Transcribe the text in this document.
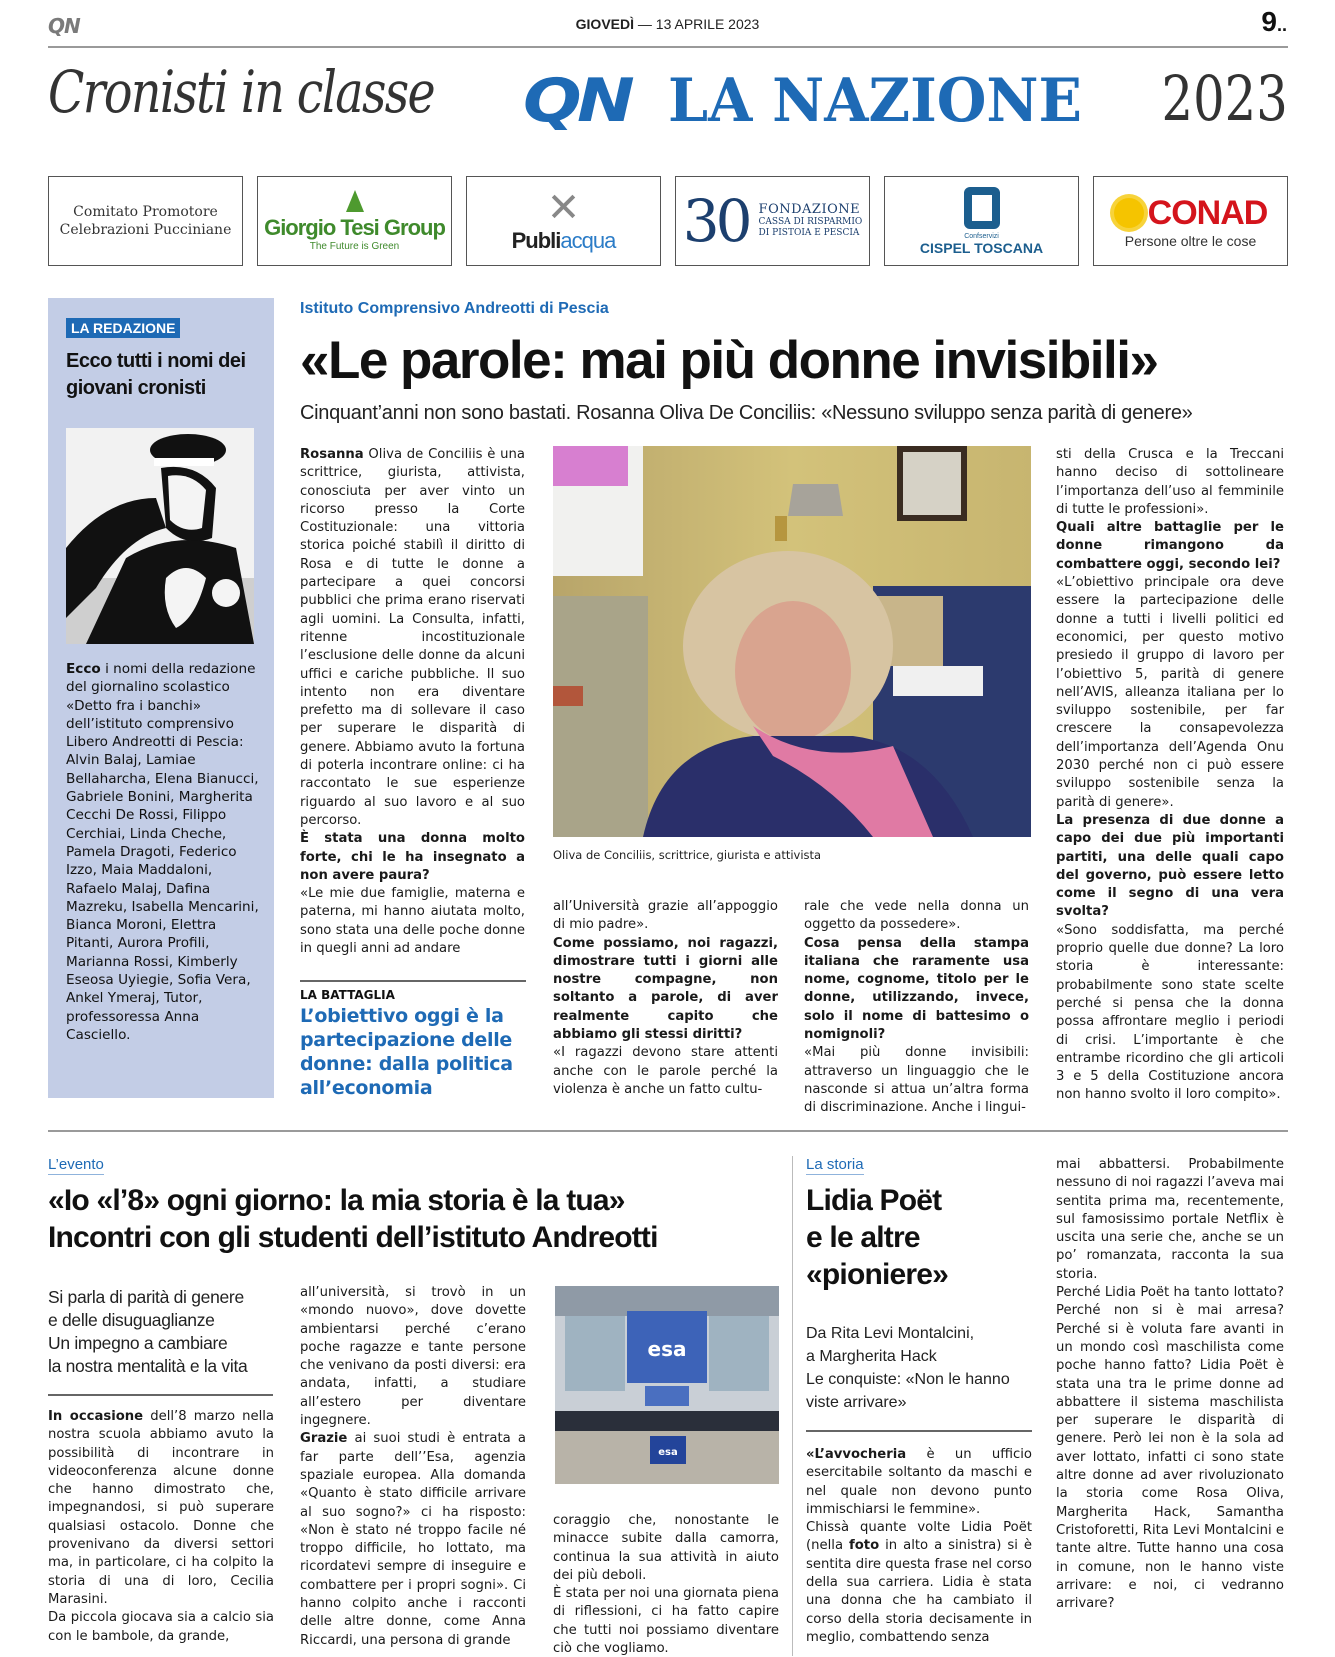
QN	GIOVEDÌ — 13 APRILE 2023	9..
Cronisti in classe QN LA NAZIONE 2023
Comitato Promotore
Celebrazioni Pucciniane Giorgio Tesi Group
The Future is Green
✕
Publiacqua 30 FONDAZIONE
CASSA DI RISPARMIO
DI PISTOIA E PESCIA	Confservizi
CISPEL TOSCANA
CONAD
Persone oltre le cose
LA REDAZIONE
Ecco tutti i nomi dei giovani cronisti
Ecco i nomi della redazione del giornalino scolastico «Detto fra i banchi» dell’istituto comprensivo Libero Andreotti di Pescia: Alvin Balaj, Lamiae Bellaharcha, Elena Bianucci, Gabriele Bonini, Margherita Cecchi De Rossi, Filippo Cerchiai, Linda Cheche, Pamela Dragoti, Federico Izzo, Maia Maddaloni, Rafaelo Malaj, Dafina Mazreku, Isabella Mencarini, Bianca Moroni, Elettra Pitanti, Aurora Profili, Marianna Rossi, Kimberly Eseosa Uyiegie, Sofia Vera, Ankel Ymeraj, Tutor, professoressa Anna Casciello.
Istituto Comprensivo Andreotti di Pescia
«Le parole: mai più donne invisibili»
Cinquant’anni non sono bastati. Rosanna Oliva De Conciliis: «Nessuno sviluppo senza parità di genere»

Rosanna Oliva de Conciliis è una scrittrice, giurista, attivista, conosciuta per aver vinto un ricorso presso la Corte Costituzionale: una vittoria storica poiché stabilì il diritto di Rosa e di tutte le donne a partecipare a quei concorsi pubblici che prima erano riservati agli uomini. La Consulta, infatti, ritenne incostituzionale l’esclusione delle donne da alcuni uffici e cariche pubbliche. Il suo intento non era diventare prefetto ma di sollevare il caso per superare le disparità di genere. Abbiamo avuto la fortuna di poterla incontrare online: ci ha raccontato le sue esperienze riguardo al suo lavoro e al suo percorso.

È stata una donna molto forte, chi le ha insegnato a non avere paura?

«Le mie due famiglie, materna e paterna, mi hanno aiutata molto, sono stata una delle poche donne in quegli anni ad andare

LA BATTAGLIA
L’obiettivo oggi è la partecipazione delle donne: dalla politica all’economia
Oliva de Conciliis, scrittrice, giurista e attivista

all’Università grazie all’appoggio di mio padre».

Come possiamo, noi ragazzi, dimostrare tutti i giorni alle nostre compagne, non soltanto a parole, di aver realmente capito che abbiamo gli stessi diritti?

«I ragazzi devono stare attenti anche con le parole perché la violenza è anche un fatto cultu-

rale che vede nella donna un oggetto da possedere».

Cosa pensa della stampa italiana che raramente usa nome, cognome, titolo per le donne, utilizzando, invece, solo il nome di battesimo o nomignoli?

«Mai più donne invisibili: attraverso un linguaggio che le nasconde si attua un’altra forma di discriminazione. Anche i lingui-

sti della Crusca e la Treccani hanno deciso di sottolineare l’importanza dell’uso al femminile di tutte le professioni».

Quali altre battaglie per le donne rimangono da combattere oggi, secondo lei?

«L’obiettivo principale ora deve essere la partecipazione delle donne a tutti i livelli politici ed economici, per questo motivo presiedo il gruppo di lavoro per l’obiettivo 5, parità di genere nell’AVIS, alleanza italiana per lo sviluppo sostenibile, per far crescere la consapevolezza dell’importanza dell’Agenda Onu 2030 perché non ci può essere sviluppo sostenibile senza la parità di genere».

La presenza di due donne a capo dei due più importanti partiti, una delle quali capo del governo, può essere letto come il segno di una vera svolta?

«Sono soddisfatta, ma perché proprio quelle due donne? La loro storia è interessante: probabilmente sono state scelte perché si pensa che la donna possa affrontare meglio i periodi di crisi. L’importante è che entrambe ricordino che gli articoli 3 e 5 della Costituzione ancora non hanno svolto il loro compito».

L’evento
«Io «l’8» ogni giorno: la mia storia è la tua»
Incontri con gli studenti dell’istituto Andreotti
Si parla di parità di genere
e delle disuguaglianze
Un impegno a cambiare
la nostra mentalità e la vita

In occasione dell’8 marzo nella nostra scuola abbiamo avuto la possibilità di incontrare in videoconferenza alcune donne che hanno dimostrato che, impegnandosi, si può superare qualsiasi ostacolo. Donne che provenivano da diversi settori ma, in particolare, ci ha colpito la storia di una di loro, Cecilia Marasini.

Da piccola giocava sia a calcio sia con le bambole, da grande,

all’università, si trovò in un «mondo nuovo», dove dovette ambientarsi perché c’erano poche ragazze e tante persone che venivano da posti diversi: era andata, infatti, a studiare all’estero per diventare ingegnere.

Grazie ai suoi studi è entrata a far parte dell’’Esa, agenzia spaziale europea. Alla domanda «Quanto è stato difficile arrivare al suo sogno?» ci ha risposto: «Non è stato né troppo facile né troppo difficile, ho lottato, ma ricordatevi sempre di inseguire e combattere per i propri sogni». Ci hanno colpito anche i racconti delle altre donne, come Anna Riccardi, una persona di grande

esa
esa

coraggio che, nonostante le minacce subite dalla camorra, continua la sua attività in aiuto dei più deboli.

È stata per noi una giornata piena di riflessioni, ci ha fatto capire che tutti noi possiamo diventare ciò che vogliamo.

La storia
Lidia Poët
e le altre
«pioniere»
Da Rita Levi Montalcini,
a Margherita Hack
Le conquiste: «Non le hanno
viste arrivare»

«L’avvocheria è un ufficio esercitabile soltanto da maschi e nel quale non devono punto immischiarsi le femmine».

Chissà quante volte Lidia Poët (nella foto in alto a sinistra) si è sentita dire questa frase nel corso della sua carriera. Lidia è stata una donna che ha cambiato il corso della storia decisamente in meglio, combattendo senza

mai abbattersi. Probabilmente nessuno di noi ragazzi l’aveva mai sentita prima ma, recentemente, sul famosissimo portale Netflix è uscita una serie che, anche se un po’ romanzata, racconta la sua storia.

Perché Lidia Poët ha tanto lottato? Perché non si è mai arresa? Perché si è voluta fare avanti in un mondo così maschilista come poche hanno fatto? Lidia Poët è stata una tra le prime donne ad abbattere il sistema maschilista per superare le disparità di genere. Però lei non è la sola ad aver lottato, infatti ci sono state altre donne ad aver rivoluzionato la storia come Rosa Oliva, Margherita Hack, Samantha Cristoforetti, Rita Levi Montalcini e tante altre. Tutte hanno una cosa in comune, non le hanno viste arrivare: e noi, ci vedranno arrivare?
